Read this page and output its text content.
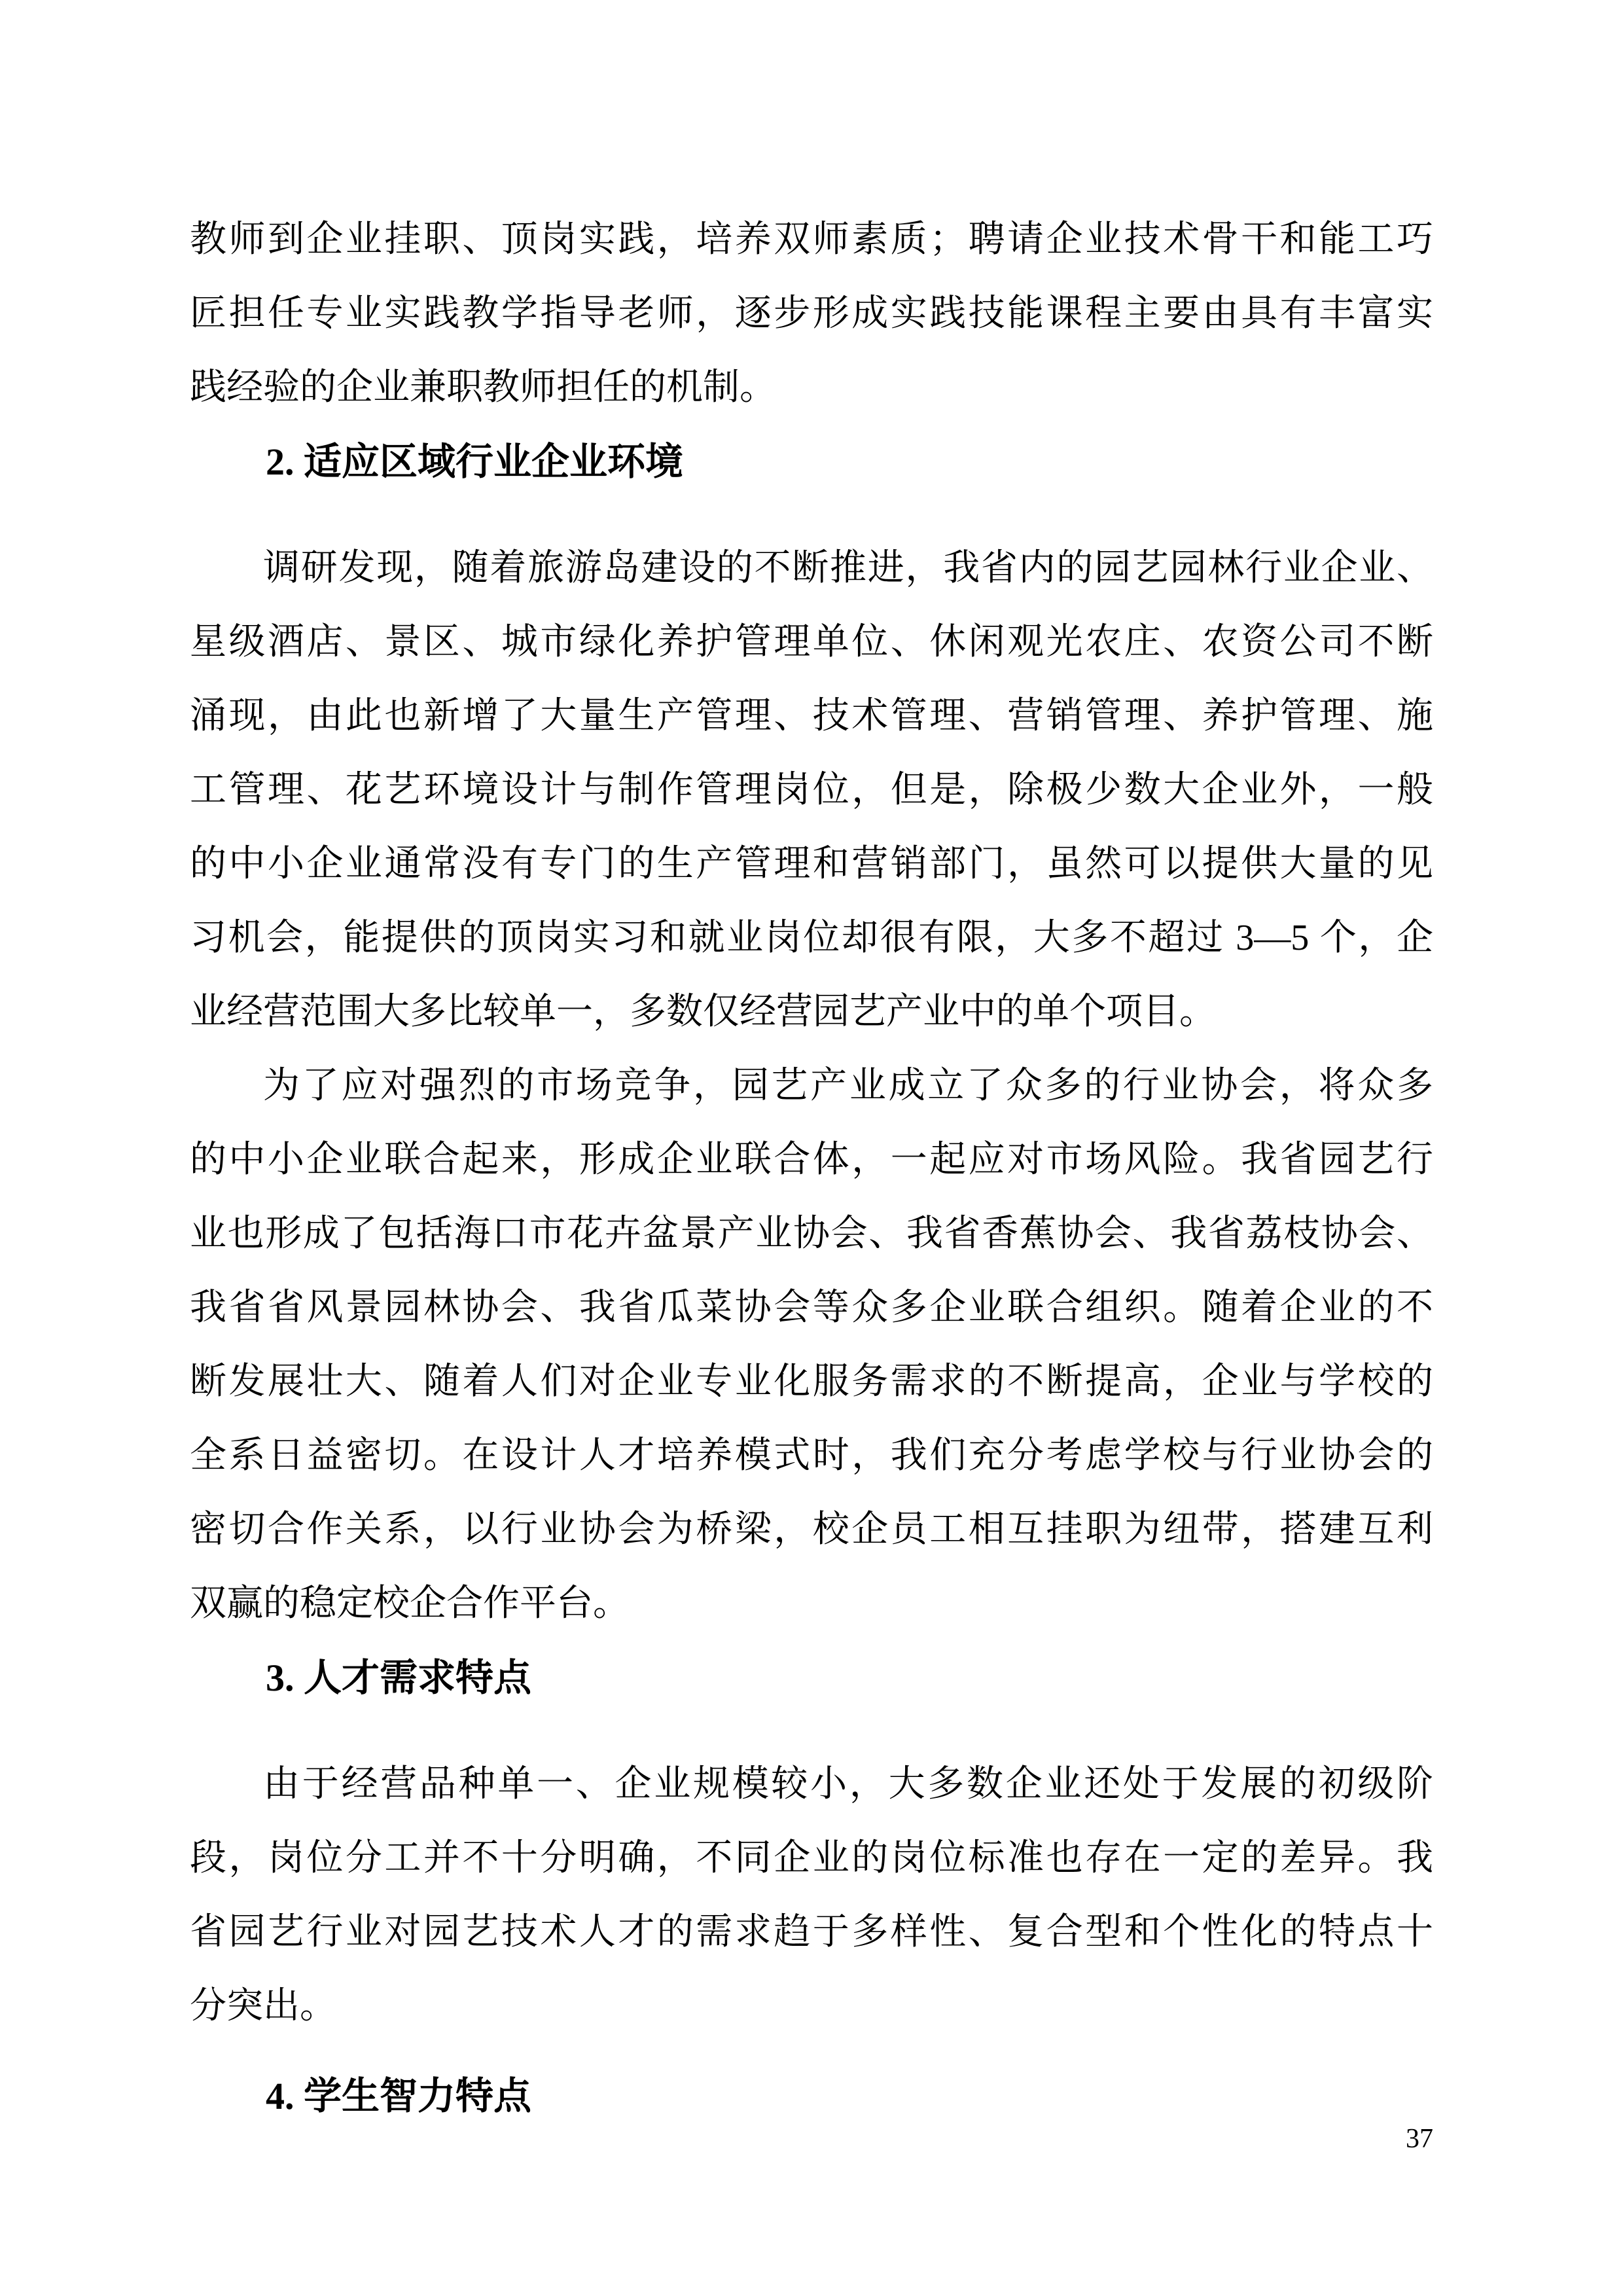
教师到企业挂职、顶岗实践，培养双师素质；聘请企业技术骨干和能工巧
匠担任专业实践教学指导老师，逐步形成实践技能课程主要由具有丰富实
践经验的企业兼职教师担任的机制。
2. 适应区域行业企业环境
调研发现，随着旅游岛建设的不断推进，我省内的园艺园林行业企业、
星级酒店、景区、城市绿化养护管理单位、休闲观光农庄、农资公司不断
涌现，由此也新增了大量生产管理、技术管理、营销管理、养护管理、施
工管理、花艺环境设计与制作管理岗位，但是，除极少数大企业外，一般
的中小企业通常没有专门的生产管理和营销部门，虽然可以提供大量的见
习机会，能提供的顶岗实习和就业岗位却很有限，大多不超过 3—5 个，企
业经营范围大多比较单一，多数仅经营园艺产业中的单个项目。
为了应对强烈的市场竞争，园艺产业成立了众多的行业协会，将众多
的中小企业联合起来，形成企业联合体，一起应对市场风险。我省园艺行
业也形成了包括海口市花卉盆景产业协会、我省香蕉协会、我省荔枝协会、
我省省风景园林协会、我省瓜菜协会等众多企业联合组织。随着企业的不
断发展壮大、随着人们对企业专业化服务需求的不断提高，企业与学校的
全系日益密切。在设计人才培养模式时，我们充分考虑学校与行业协会的
密切合作关系，以行业协会为桥梁，校企员工相互挂职为纽带，搭建互利
双赢的稳定校企合作平台。
3. 人才需求特点
由于经营品种单一、企业规模较小，大多数企业还处于发展的初级阶
段，岗位分工并不十分明确，不同企业的岗位标准也存在一定的差异。我
省园艺行业对园艺技术人才的需求趋于多样性、复合型和个性化的特点十
分突出。
4. 学生智力特点
37
